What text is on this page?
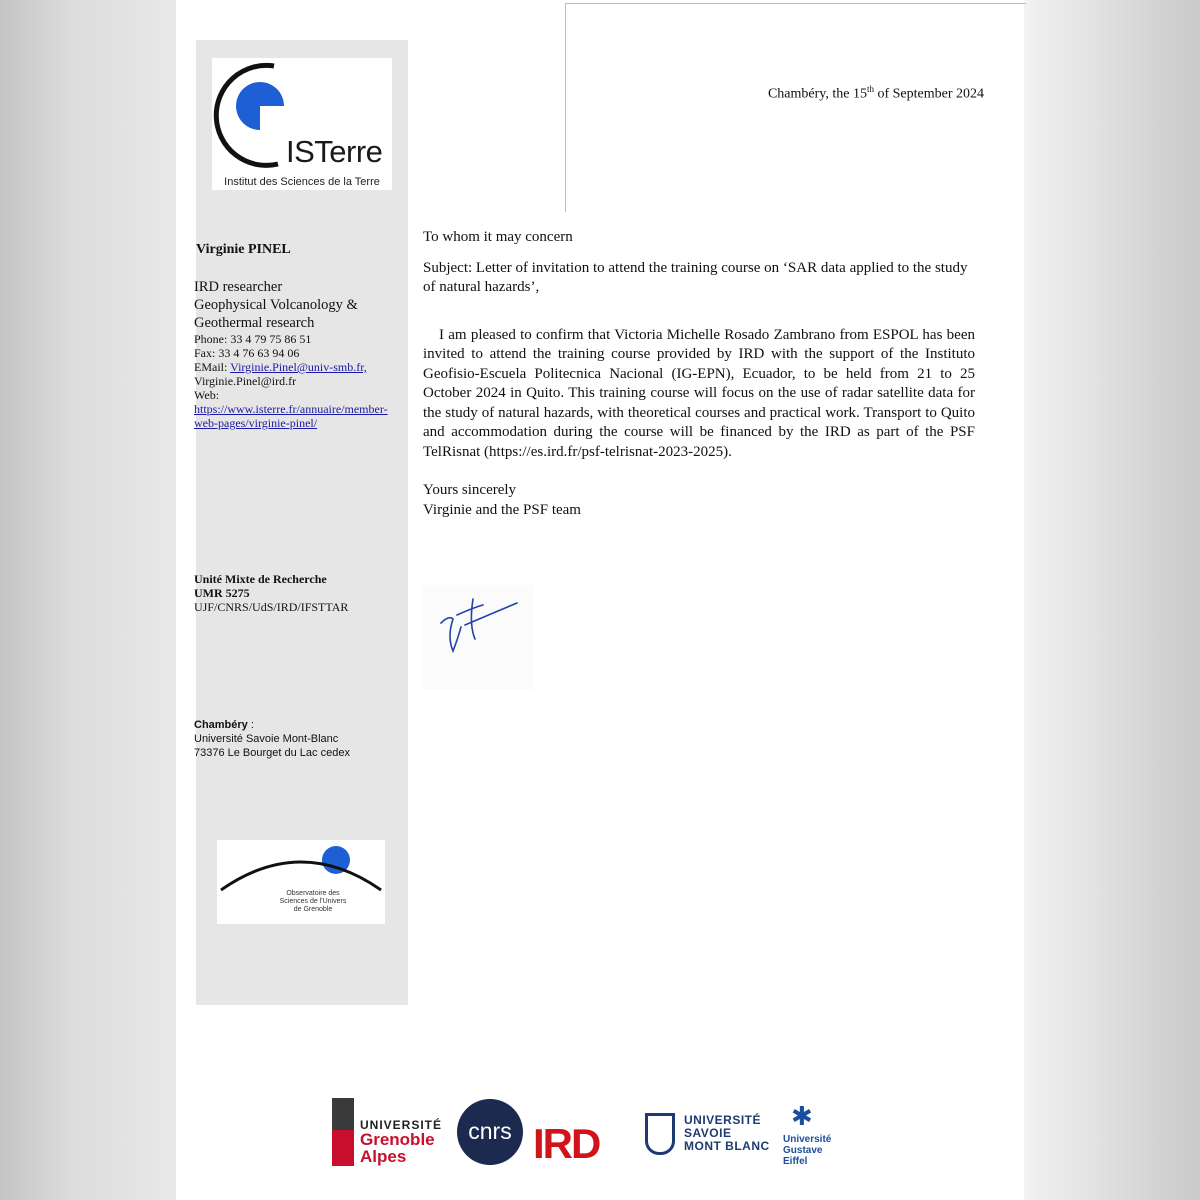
ISTerre
Institut des Sciences de la Terre
Chambéry, the 15th of September 2024
Virginie PINEL
IRD researcher
Geophysical Volcanology &
Geothermal research
Phone: 33 4 79 75 86 51
Fax: 33 4 76 63 94 06
EMail: Virginie.Pinel@univ-smb.fr,
Virginie.Pinel@ird.fr
Web:
https://www.isterre.fr/annuaire/member-
web-pages/virginie-pinel/
Unité Mixte de Recherche
UMR 5275
UJF/CNRS/UdS/IRD/IFSTTAR
Chambéry :
Université Savoie Mont-Blanc
73376 Le Bourget du Lac cedex
Observatoire des
Sciences de l'Univers
de Grenoble

To whom it may concern

Subject: Letter of invitation to attend the training course on ‘SAR data applied to the study of natural hazards’,

I am pleased to confirm that Victoria Michelle Rosado Zambrano from ESPOL has been invited to attend the training course provided by IRD with the support of the Instituto Geofisio-Escuela Politecnica Nacional (IG-EPN), Ecuador, to be held from 21 to 25 October 2024 in Quito. This training course will focus on the use of radar satellite data for the study of natural hazards, with theoretical courses and practical work. Transport to Quito and accommodation during the course will be financed by the IRD as part of the PSF TelRisnat (https://es.ird.fr/psf-telrisnat-2023-2025).

Yours sincerely

Virginie and the PSF team

UNIVERSITÉ
Grenoble
Alpes
cnrs IRD	UNIVERSITÉ
SAVOIE
MONT BLANC
✱
Université
Gustave
Eiffel
